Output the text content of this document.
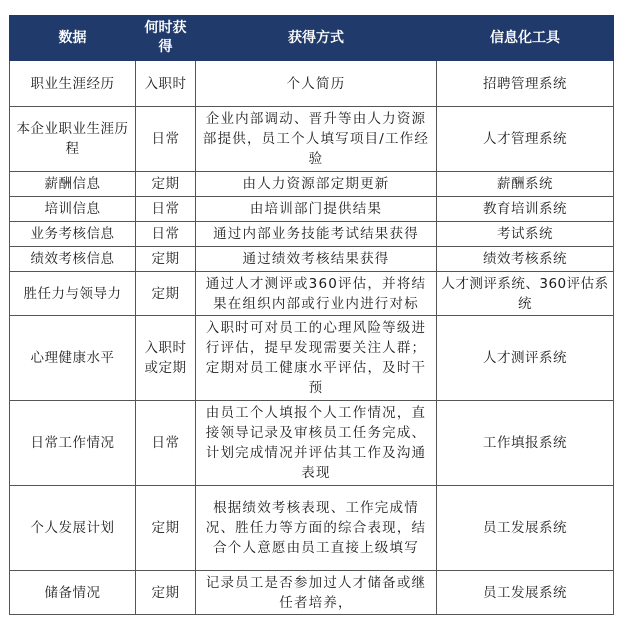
数据	何时获得	获得方式	信息化工具
职业生涯经历	入职时	个人简历	招聘管理系统
本企业职业生涯历程	日常	企业内部调动、晋升等由人力资源部提供，员工个人填写项目/工作经验	人才管理系统
薪酬信息	定期	由人力资源部定期更新	薪酬系统
培训信息	日常	由培训部门提供结果	教育培训系统
业务考核信息	日常	通过内部业务技能考试结果获得	考试系统
绩效考核信息	定期	通过绩效考核结果获得	绩效考核系统
胜任力与领导力	定期	通过人才测评或360评估，并将结果在组织内部或行业内进行对标	人才测评系统、360评估系统
心理健康水平	入职时或定期	入职时可对员工的心理风险等级进行评估，提早发现需要关注人群；定期对员工健康水平评估，及时干预	人才测评系统
日常工作情况	日常	由员工个人填报个人工作情况，直接领导记录及审核员工任务完成、计划完成情况并评估其工作及沟通表现	工作填报系统
个人发展计划	定期	根据绩效考核表现、工作完成情况、胜任力等方面的综合表现，结合个人意愿由员工直接上级填写	员工发展系统
储备情况	定期	记录员工是否参加过人才储备或继任者培养，	员工发展系统
